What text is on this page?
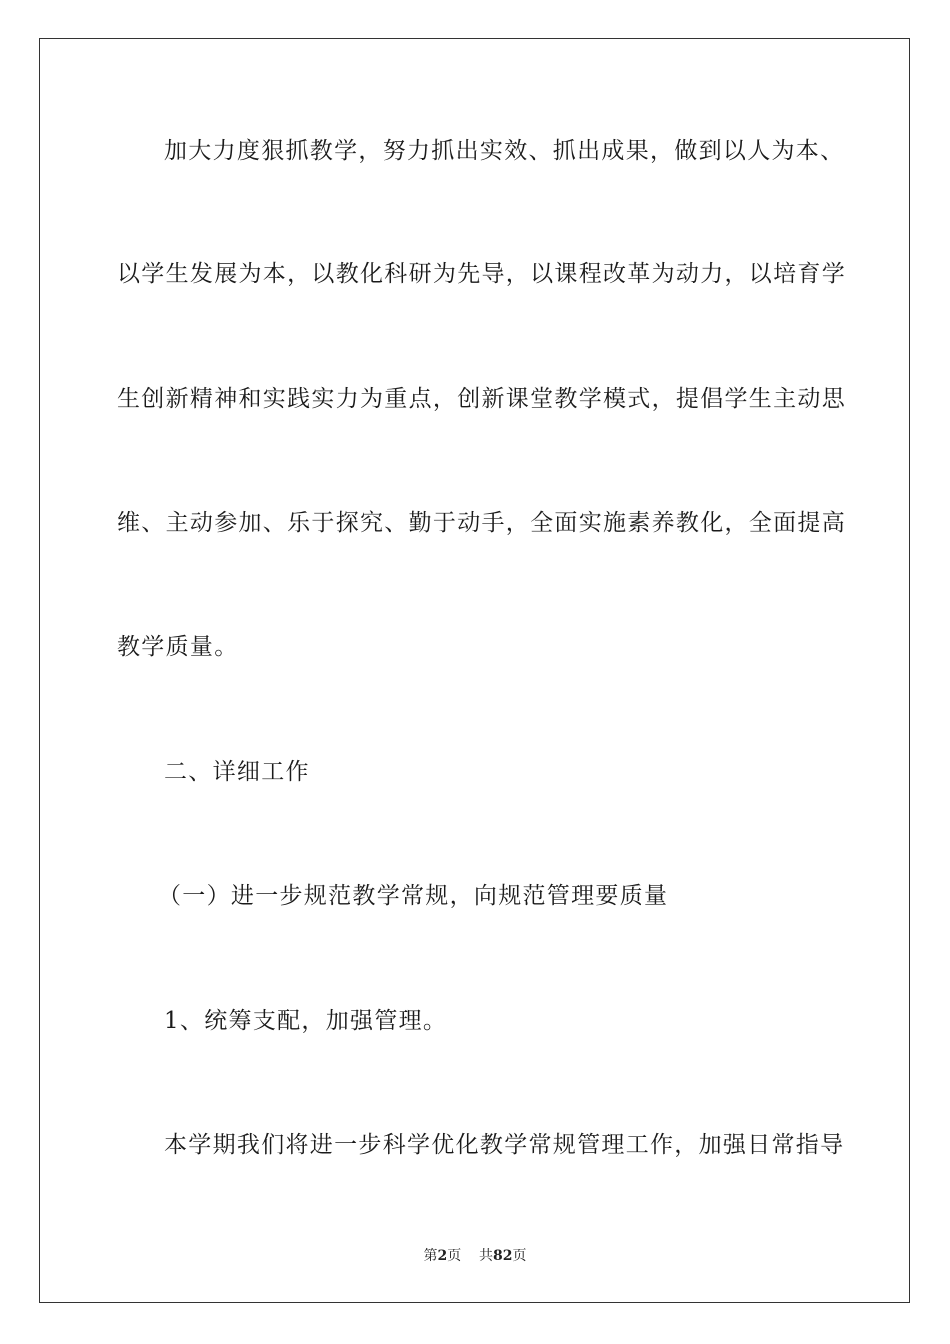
加大力度狠抓教学，努力抓出实效、抓出成果，做到以人为本、
以学生发展为本，以教化科研为先导，以课程改革为动力，以培育学
生创新精神和实践实力为重点，创新课堂教学模式，提倡学生主动思
维、主动参加、乐于探究、勤于动手，全面实施素养教化，全面提高
教学质量。
二、详细工作
（一）进一步规范教学常规，向规范管理要质量
1、统筹支配，加强管理。
本学期我们将进一步科学优化教学常规管理工作，加强日常指导
第2页 共82页
